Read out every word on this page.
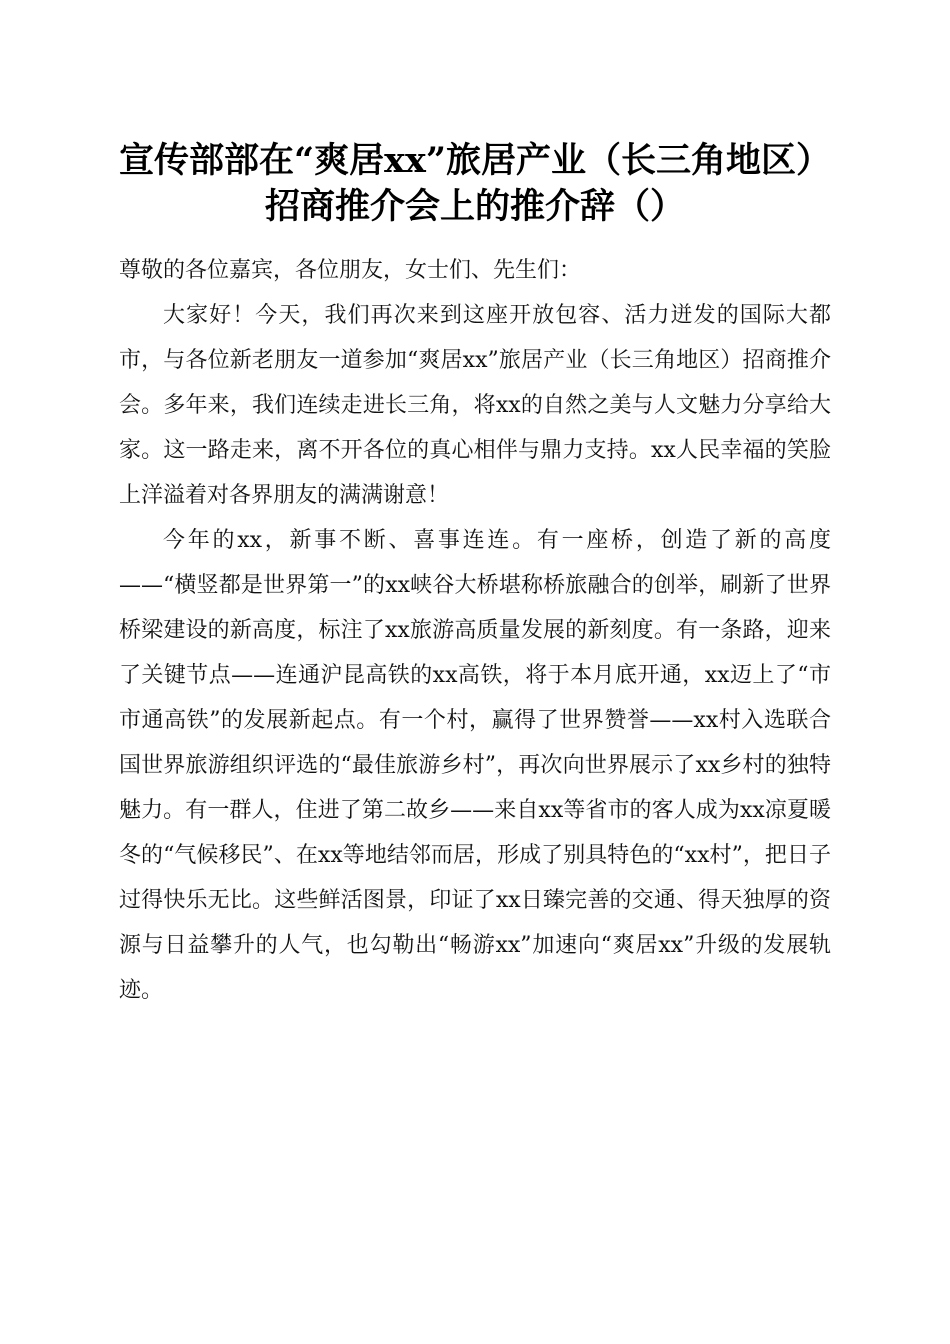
宣传部部在“爽居xx”旅居产业（长三角地区）招商推介会上的推介辞（）

尊敬的各位嘉宾，各位朋友，女士们、先生们：

大家好！今天，我们再次来到这座开放包容、活力迸发的国际大都市，与各位新老朋友一道参加“爽居xx”旅居产业（长三角地区）招商推介会。多年来，我们连续走进长三角，将xx的自然之美与人文魅力分享给大家。这一路走来，离不开各位的真心相伴与鼎力支持。xx人民幸福的笑脸上洋溢着对各界朋友的满满谢意！

今年的xx，新事不断、喜事连连。有一座桥，创造了新的高度——“横竖都是世界第一”的xx峡谷大桥堪称桥旅融合的创举，刷新了世界桥梁建设的新高度，标注了xx旅游高质量发展的新刻度。有一条路，迎来了关键节点——连通沪昆高铁的xx高铁，将于本月底开通，xx迈上了“市市通高铁”的发展新起点。有一个村，赢得了世界赞誉——xx村入选联合国世界旅游组织评选的“最佳旅游乡村”，再次向世界展示了xx乡村的独特魅力。有一群人，住进了第二故乡——来自xx等省市的客人成为xx凉夏暖冬的“气候移民”、在xx等地结邻而居，形成了别具特色的“xx村”，把日子过得快乐无比。这些鲜活图景，印证了xx日臻完善的交通、得天独厚的资源与日益攀升的人气，也勾勒出“畅游xx”加速向“爽居xx”升级的发展轨迹。
